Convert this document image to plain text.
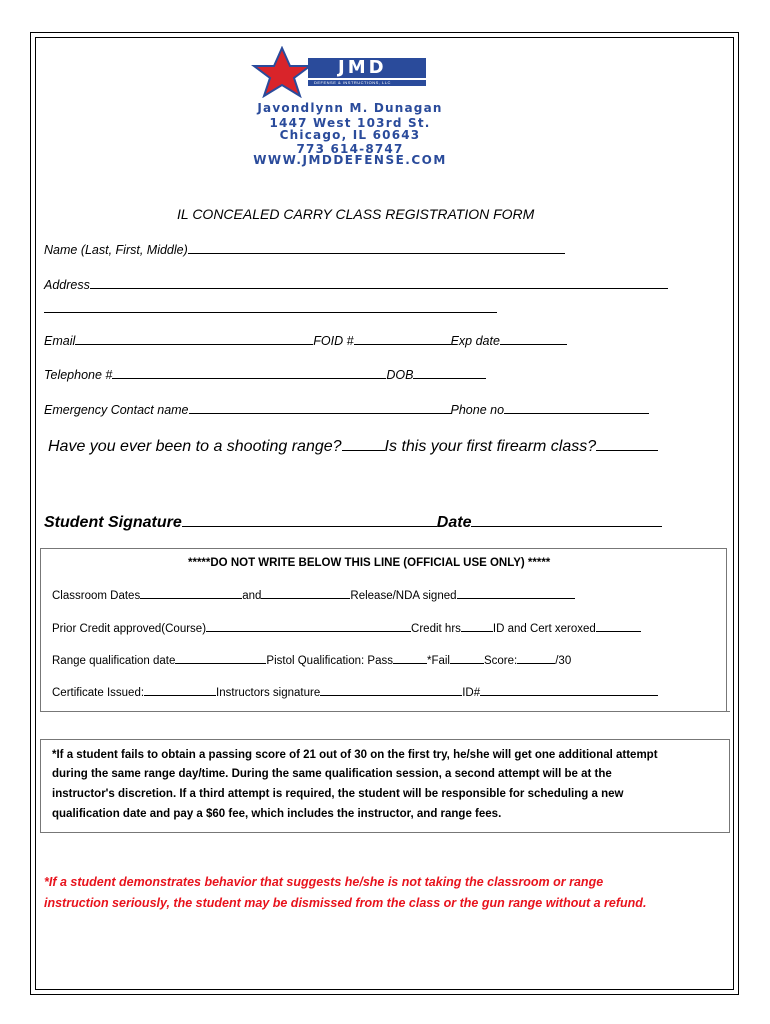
JMD
DEFENSE & INSTRUCTIONS, LLC
Javondlynn M. Dunagan
1447 West 103rd St.
Chicago, IL 60643
773 614-8747
WWW.JMDDEFENSE.COM
IL CONCEALED CARRY CLASS REGISTRATION FORM
Name (Last, First, Middle)
Address
Email	FOID #	Exp date
Telephone #	DOB
Emergency Contact name	Phone no
Have you ever been to a shooting range?	Is this your first firearm class?
Student Signature	Date
*****DO NOT WRITE BELOW THIS LINE (OFFICIAL USE ONLY) *****
Classroom Dates	and	Release/NDA signed
Prior Credit approved(Course)	Credit hrs	ID and Cert xeroxed
Range qualification date	Pistol Qualification: Pass	*Fail	Score:	/30
Certificate Issued:	Instructors signature	ID#
*If a student fails to obtain a passing score of 21 out of 30 on the first try, he/she will get one additional attempt
during the same range day/time. During the same qualification session, a second attempt will be at the
instructor's discretion. If a third attempt is required, the student will be responsible for scheduling a new
qualification date and pay a $60 fee, which includes the instructor, and range fees.
*If a student demonstrates behavior that suggests he/she is not taking the classroom or range
instruction seriously, the student may be dismissed from the class or the gun range without a refund.
